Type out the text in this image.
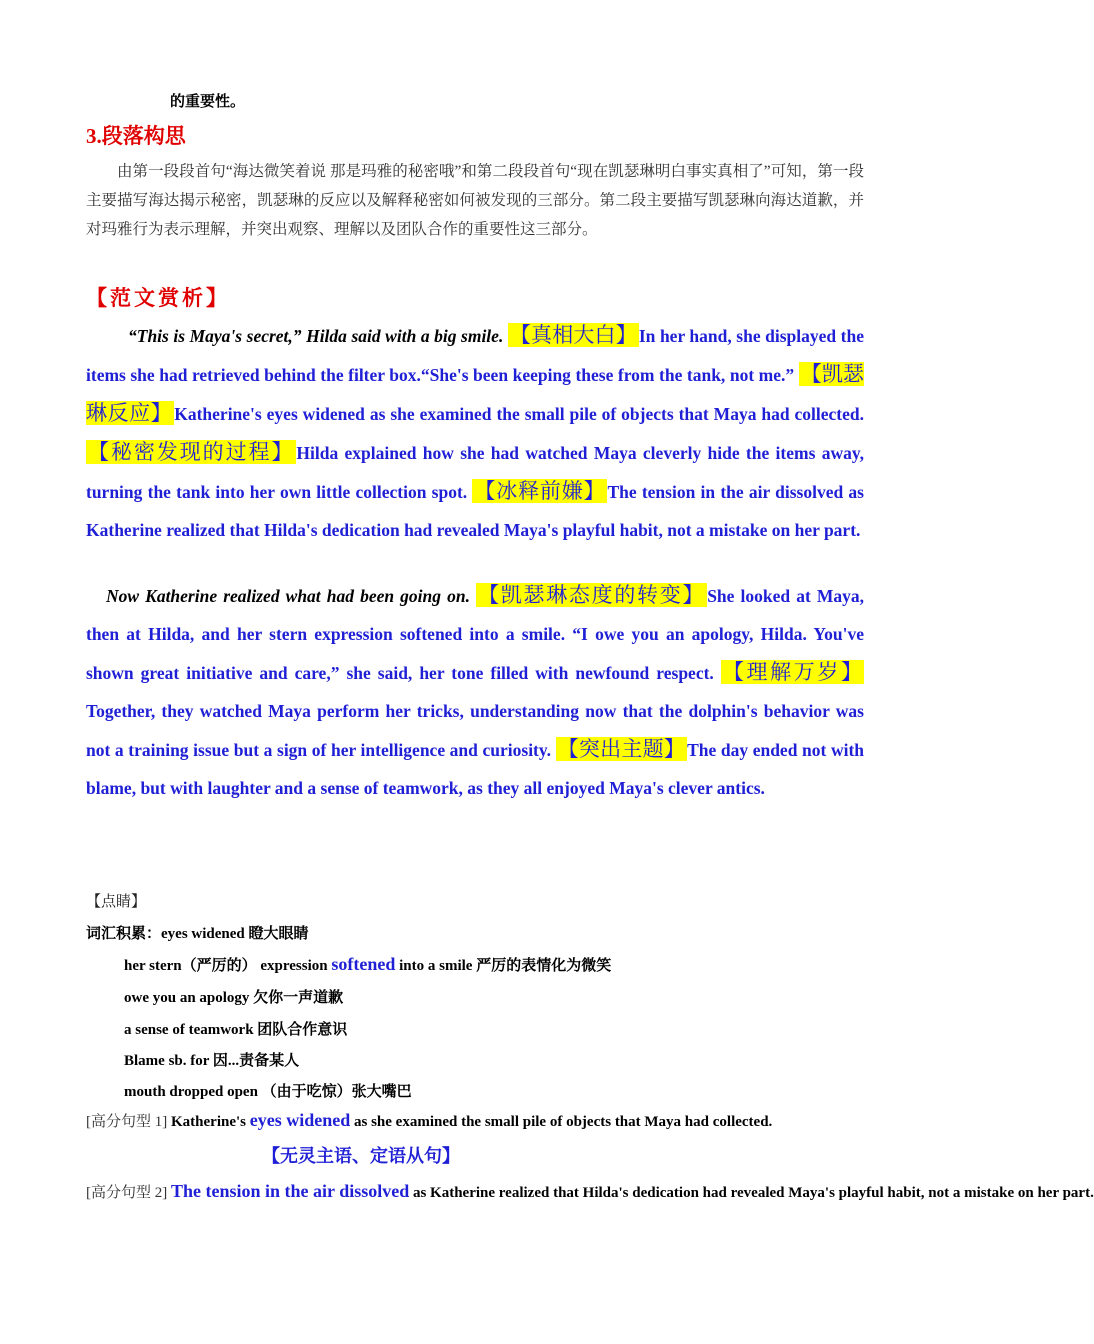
的重要性。
3.段落构思
由第一段段首句“海达微笑着说 那是玛雅的秘密哦”和第二段段首句“现在凯瑟琳明白事实真相了”可知，第一段主要描写海达揭示秘密，凯瑟琳的反应以及解释秘密如何被发现的三部分。第二段主要描写凯瑟琳向海达道歉，并对玛雅行为表示理解，并突出观察、理解以及团队合作的重要性这三部分。
【范文赏析】
“This is Maya's secret,” Hilda said with a big smile. 【真相大白】 In her hand, she displayed the items she had retrieved behind the filter box.“She's been keeping these from the tank, not me.” 【凯瑟琳反应】 Katherine's eyes widened as she examined the small pile of objects that Maya had collected. 【秘密发现的过程】 Hilda explained how she had watched Maya cleverly hide the items away, turning the tank into her own little collection spot. 【冰释前嫌】 The tension in the air dissolved as Katherine realized that Hilda's dedication had revealed Maya's playful habit, not a mistake on her part.
Now Katherine realized what had been going on. 【凯瑟琳态度的转变】 She looked at Maya, then at Hilda, and her stern expression softened into a smile. “I owe you an apology, Hilda. You've shown great initiative and care,” she said, her tone filled with newfound respect. 【理解万岁】Together, they watched Maya perform her tricks, understanding now that the dolphin's behavior was not a training issue but a sign of her intelligence and curiosity. 【突出主题】 The day ended not with blame, but with laughter and a sense of teamwork, as they all enjoyed Maya's clever antics.
【点睛】
词汇积累：eyes widened 瞪大眼睛
her stern（严厉的） expression softened into a smile 严厉的表情化为微笑
owe you an apology 欠你一声道歉
a sense of teamwork 团队合作意识
Blame sb. for 因...责备某人
mouth dropped open （由于吃惊）张大嘴巴
[高分句型 1] Katherine's eyes widened as she examined the small pile of objects that Maya had collected.
【无灵主语、定语从句】
[高分句型 2] The tension in the air dissolved as Katherine realized that Hilda's dedication had revealed Maya's playful habit, not a mistake on her part.
